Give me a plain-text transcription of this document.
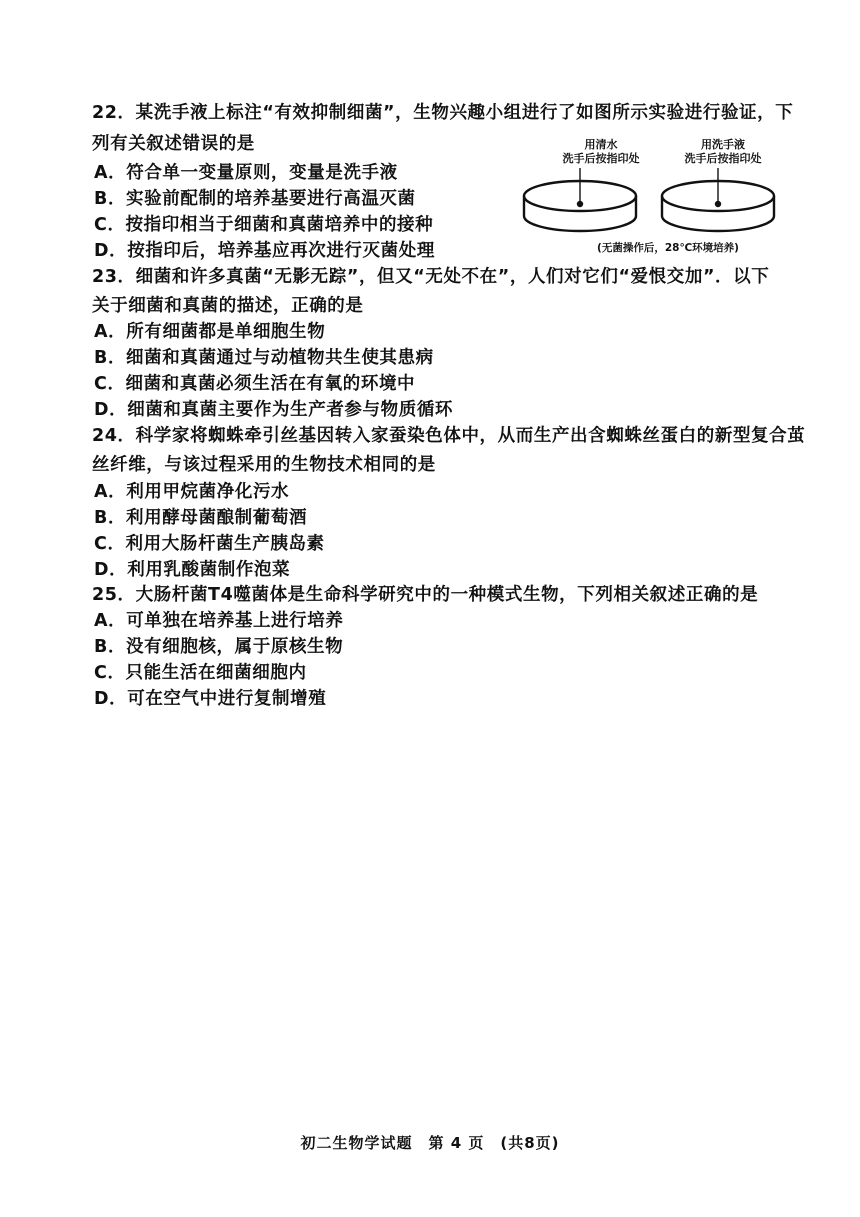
22．某洗手液上标注“有效抑制细菌”，生物兴趣小组进行了如图所示实验进行验证，下
列有关叙述错误的是
A．符合单一变量原则，变量是洗手液
B．实验前配制的培养基要进行高温灭菌
C．按指印相当于细菌和真菌培养中的接种
D．按指印后，培养基应再次进行灭菌处理
用清水
洗手后按指印处
用洗手液
洗手后按指印处
(无菌操作后，28℃环境培养)
23．细菌和许多真菌“无影无踪”，但又“无处不在”，人们对它们“爱恨交加”．以下
关于细菌和真菌的描述，正确的是
A．所有细菌都是单细胞生物
B．细菌和真菌通过与动植物共生使其患病
C．细菌和真菌必须生活在有氧的环境中
D．细菌和真菌主要作为生产者参与物质循环
24．科学家将蜘蛛牵引丝基因转入家蚕染色体中，从而生产出含蜘蛛丝蛋白的新型复合茧
丝纤维，与该过程采用的生物技术相同的是
A．利用甲烷菌净化污水
B．利用酵母菌酿制葡萄酒
C．利用大肠杆菌生产胰岛素
D．利用乳酸菌制作泡菜
25．大肠杆菌T4噬菌体是生命科学研究中的一种模式生物，下列相关叙述正确的是
A．可单独在培养基上进行培养
B．没有细胞核，属于原核生物
C．只能生活在细菌细胞内
D．可在空气中进行复制增殖
初二生物学试题　第 4 页　(共8页)
